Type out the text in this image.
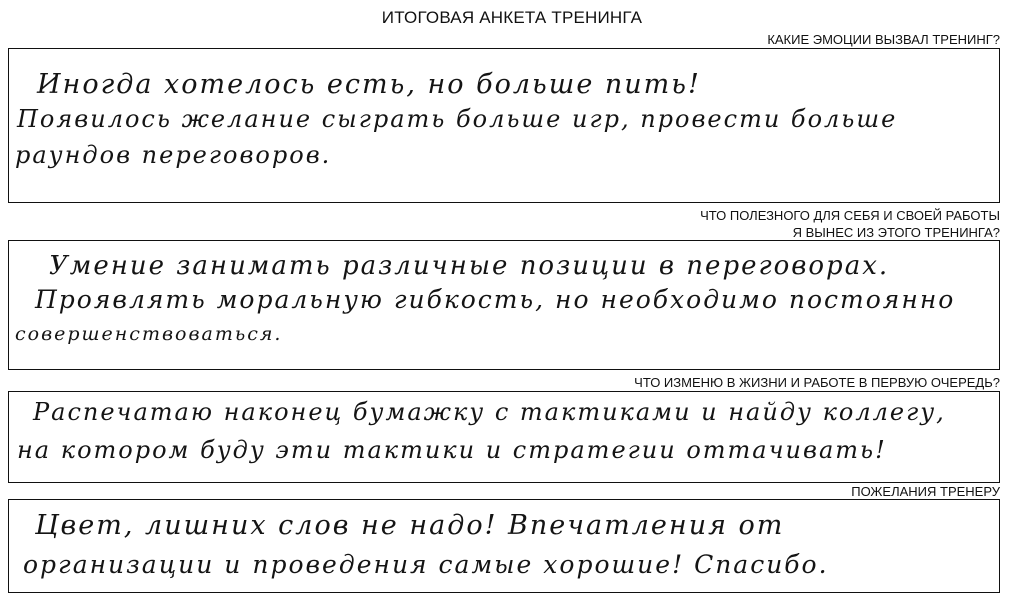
ИТОГОВАЯ АНКЕТА ТРЕНИНГА
КАКИЕ ЭМОЦИИ ВЫЗВАЛ ТРЕНИНГ?
Иногда хотелось есть, но больше пить!
Появилось желание сыграть больше игр, провести больше
раундов переговоров.
ЧТО ПОЛЕЗНОГО ДЛЯ СЕБЯ И СВОЕЙ РАБОТЫ
Я ВЫНЕС ИЗ ЭТОГО ТРЕНИНГА?
Умение занимать различные позиции в переговорах.
Проявлять моральную гибкость, но необходимо постоянно
совершенствоваться.
ЧТО ИЗМЕНЮ В ЖИЗНИ И РАБОТЕ В ПЕРВУЮ ОЧЕРЕДЬ?
Распечатаю наконец бумажку с тактиками и найду коллегу,
на котором буду эти тактики и стратегии оттачивать!
ПОЖЕЛАНИЯ ТРЕНЕРУ
Цвет, лишних слов не надо! Впечатления от
организации и проведения самые хорошие! Спасибо.
